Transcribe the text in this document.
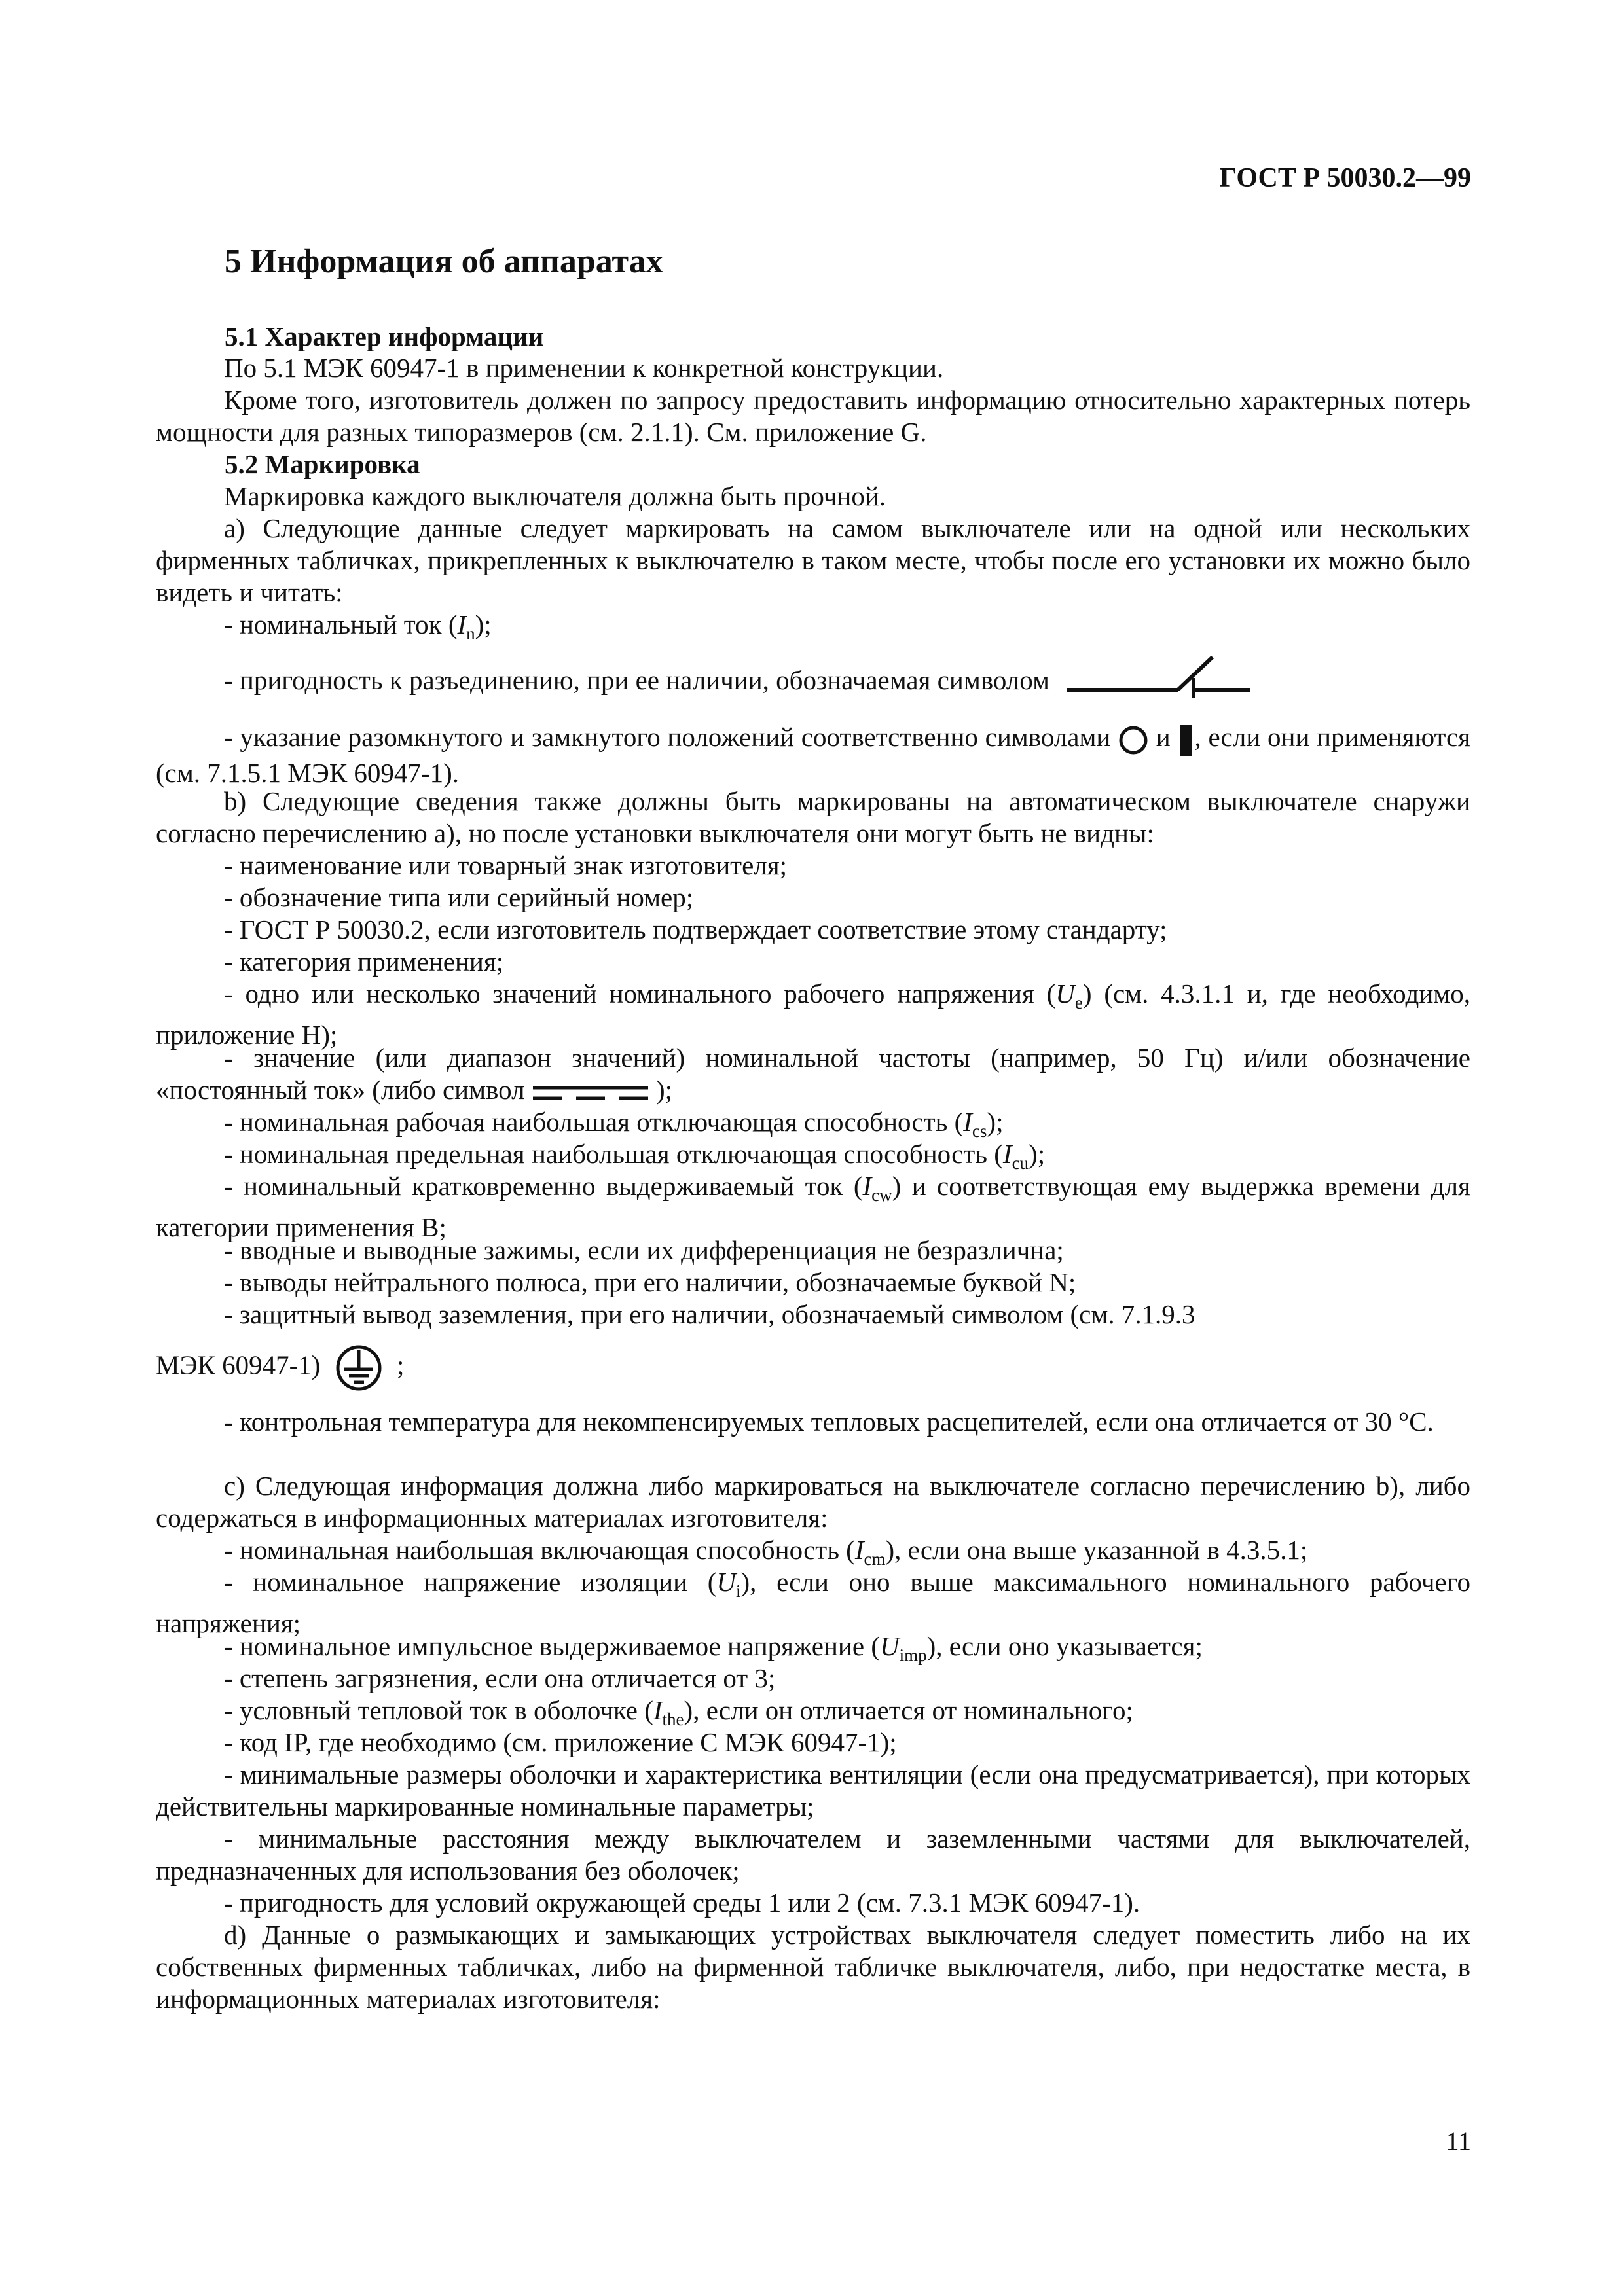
ГОСТ Р 50030.2—99
5 Информация об аппаратах
5.1 Характер информации
По 5.1 МЭК 60947-1 в применении к конкретной конструкции.
Кроме того, изготовитель должен по запросу предоставить информацию относительно характерных потерь мощности для разных типоразмеров (см. 2.1.1). См. приложение G.
5.2 Маркировка
Маркировка каждого выключателя должна быть прочной.
a) Следующие данные следует маркировать на самом выключателе или на одной или нескольких фирменных табличках, прикрепленных к выключателю в таком месте, чтобы после его установки их можно было видеть и читать:
- номинальный ток $(I_n)$;
- пригодность к разъединению, при ее наличии, обозначаемая символом
- указание разомкнутого и замкнутого положений соответственно символами и , если они применяются (см. 7.1.5.1 МЭК 60947-1).
b) Следующие сведения также должны быть маркированы на автоматическом выключателе снаружи согласно перечислению a), но после установки выключателя они могут быть не видны:
- наименование или товарный знак изготовителя;
- обозначение типа или серийный номер;
- ГОСТ Р 50030.2, если изготовитель подтверждает соответствие этому стандарту;
- категория применения;
- одно или несколько значений номинального рабочего напряжения $(U_e)$ (см. 4.3.1.1 и, где необходимо, приложение H);
- значение (или диапазон значений) номинальной частоты (например, 50 Гц) и/или обозначение «постоянный ток» (либо символ	);
- номинальная рабочая наибольшая отключающая способность $(I_{cs})$;
- номинальная предельная наибольшая отключающая способность $(I_{cu})$;
- номинальный кратковременно выдерживаемый ток $(I_{cw})$ и соответствующая ему выдержка времени для категории применения B;
- вводные и выводные зажимы, если их дифференциация не безразлична;
- выводы нейтрального полюса, при его наличии, обозначаемые буквой N;
- защитный вывод заземления, при его наличии, обозначаемый символом (см. 7.1.9.3
МЭК 60947-1)	;
- контрольная температура для некомпенсируемых тепловых расцепителей, если она отличается от 30 °С.
c) Следующая информация должна либо маркироваться на выключателе согласно перечислению b), либо содержаться в информационных материалах изготовителя:
- номинальная наибольшая включающая способность $(I_{cm})$, если она выше указанной в 4.3.5.1;
- номинальное напряжение изоляции $(U_i)$, если оно выше максимального номинального рабочего напряжения;
- номинальное импульсное выдерживаемое напряжение $(U_{imp})$, если оно указывается;
- степень загрязнения, если она отличается от 3;
- условный тепловой ток в оболочке $(I_{the})$, если он отличается от номинального;
- код IP, где необходимо (см. приложение С МЭК 60947-1);
- минимальные размеры оболочки и характеристика вентиляции (если она предусматривается), при которых действительны маркированные номинальные параметры;
- минимальные расстояния между выключателем и заземленными частями для выключателей, предназначенных для использования без оболочек;
- пригодность для условий окружающей среды 1 или 2 (см. 7.3.1 МЭК 60947-1).
d) Данные о размыкающих и замыкающих устройствах выключателя следует поместить либо на их собственных фирменных табличках, либо на фирменной табличке выключателя, либо, при недостатке места, в информационных материалах изготовителя:
11
